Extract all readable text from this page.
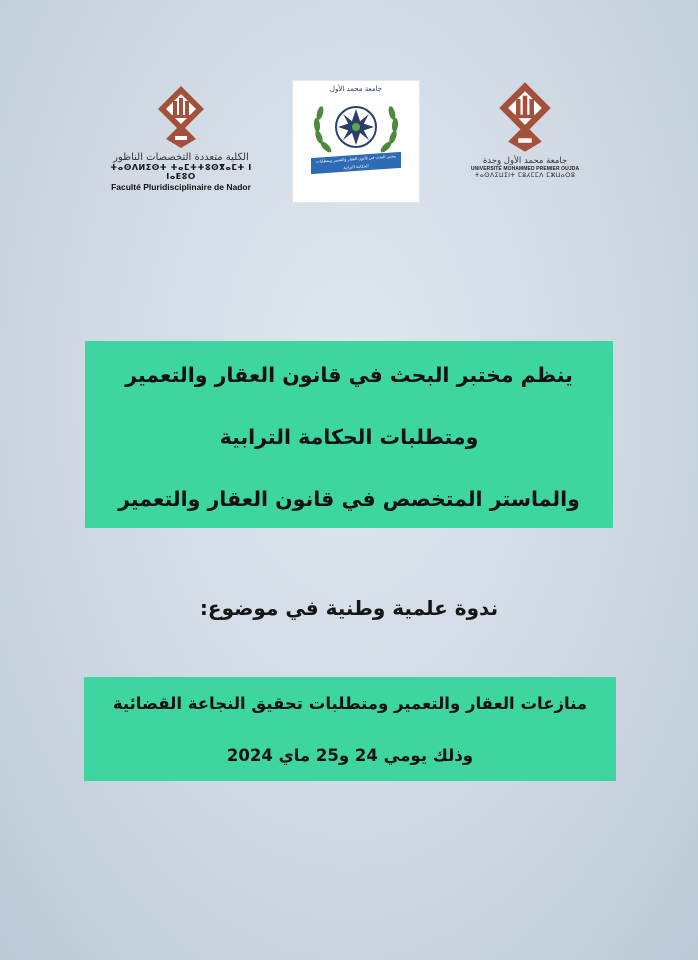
الكلية متعددة التخصصات الناظور
ⵜⴰⵙⴷⵍⵉⵙⵜ ⵜⴰⵎⵜⵜⵓⵙⴳⴰⵎⵜ ⵏ ⵏⴰⴹⵓⵔ
Faculté Pluridisciplinaire de Nador
جامعة محمد الأول
مختبر البحث في قانون العقار والتعمير ومتطلبات الحكامة الترابية
LRDIUG FPN
جامعة محمد الأول وجدة
UNIVERSITÉ MOHAMMED PREMIER OUJDA
ⵜⴰⵙⴷⵉⵡⵉⵏⵜ ⵎⵓⵃⵎⵎⴷ ⵎⵣⵡⴰⵔⵓ
ينظم مختبر البحث في قانون العقار والتعمير
ومتطلبات الحكامة الترابية
والماستر المتخصص في قانون العقار والتعمير
ندوة علمية وطنية في موضوع:
منازعات العقار والتعمير ومتطلبات تحقيق النجاعة القضائية
وذلك يومي 24 و25 ماي 2024
